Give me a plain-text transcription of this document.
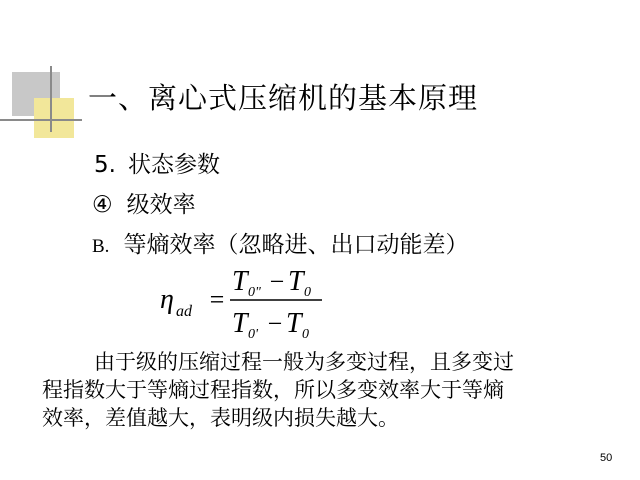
一、离心式压缩机的基本原理
5. 状态参数
④ 级效率
B. 等熵效率（忽略进、出口动能差）
η ad =
T 0" − T 0
T 0' − T 0
由于级的压缩过程一般为多变过程，且多变过
程指数大于等熵过程指数，所以多变效率大于等熵
效率，差值越大，表明级内损失越大。
50
